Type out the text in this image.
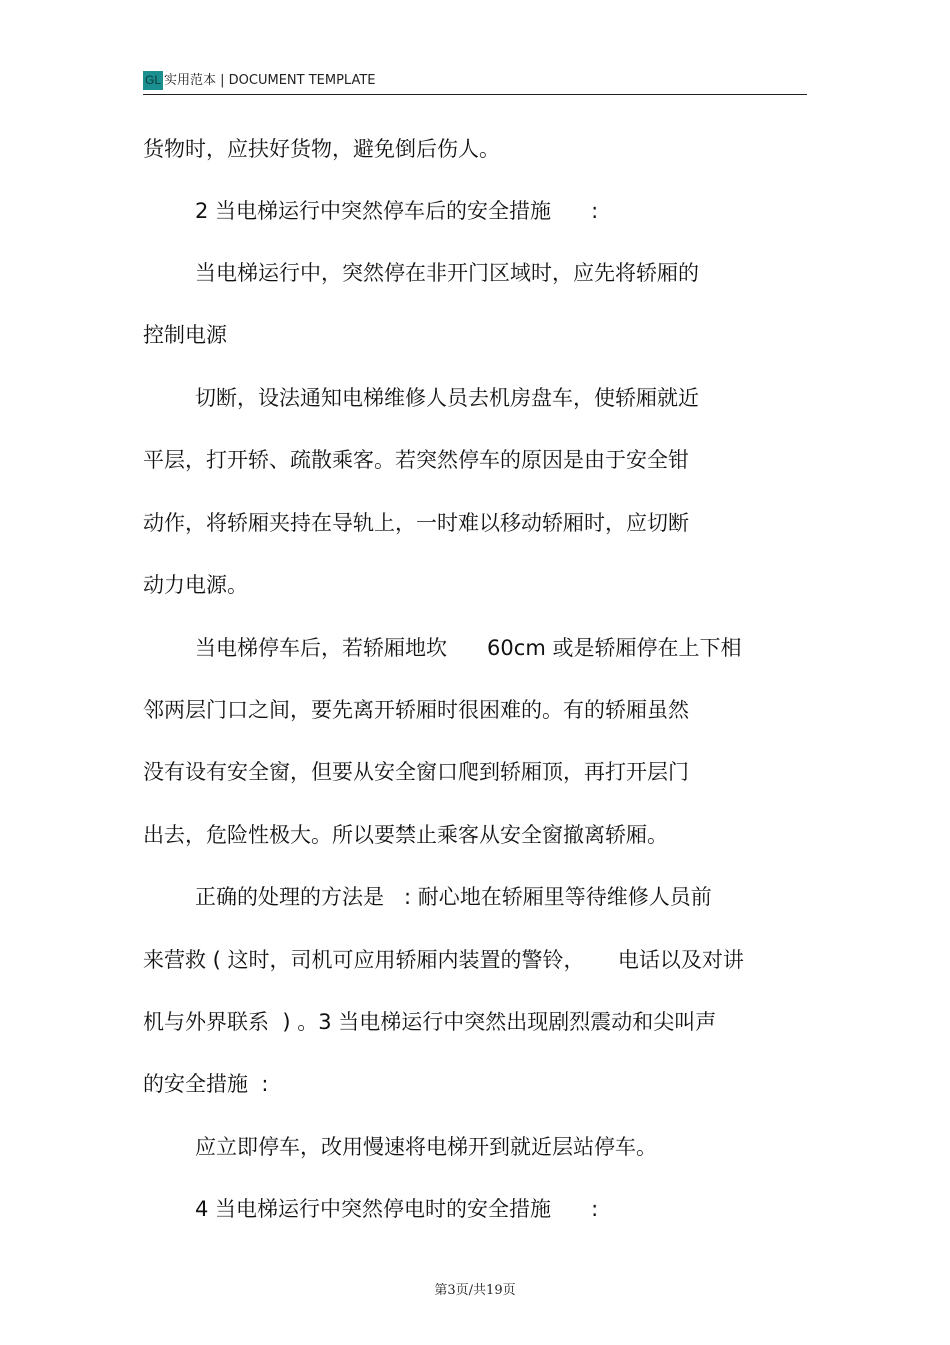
GL 实用范本 | DOCUMENT TEMPLATE
货物时，应扶好货物，避免倒后伤人。
2 当电梯运行中突然停车后的安全措施      :
当电梯运行中，突然停在非开门区域时，应先将轿厢的
控制电源
切断，设法通知电梯维修人员去机房盘车，使轿厢就近
平层，打开轿、疏散乘客。若突然停车的原因是由于安全钳
动作，将轿厢夹持在导轨上，一时难以移动轿厢时，应切断
动力电源。
当电梯停车后，若轿厢地坎      60cm 或是轿厢停在上下相
邻两层门口之间，要先离开轿厢时很困难的。有的轿厢虽然
没有设有安全窗，但要从安全窗口爬到轿厢顶，再打开层门
出去，危险性极大。所以要禁止乘客从安全窗撤离轿厢。
正确的处理的方法是   : 耐心地在轿厢里等待维修人员前
来营救 ( 这时，司机可应用轿厢内装置的警铃，     电话以及对讲
机与外界联系  ) 。3 当电梯运行中突然出现剧烈震动和尖叫声
的安全措施  :
应立即停车，改用慢速将电梯开到就近层站停车。
4 当电梯运行中突然停电时的安全措施      :
第3页/共19页
